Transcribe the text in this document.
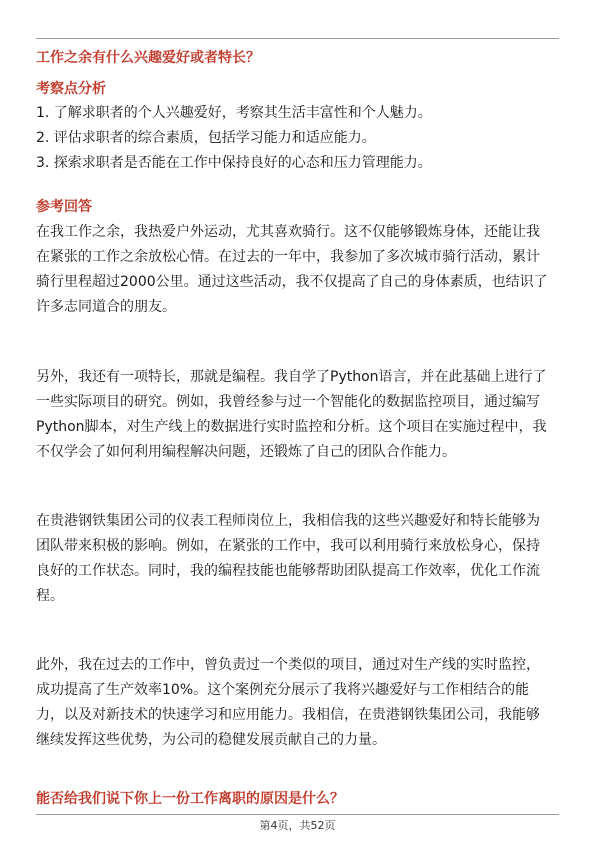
工作之余有什么兴趣爱好或者特长？
考察点分析
1. 了解求职者的个人兴趣爱好，考察其生活丰富性和个人魅力。
2. 评估求职者的综合素质，包括学习能力和适应能力。
3. 探索求职者是否能在工作中保持良好的心态和压力管理能力。
参考回答
在我工作之余，我热爱户外运动，尤其喜欢骑行。这不仅能够锻炼身体，还能让我
在紧张的工作之余放松心情。在过去的一年中，我参加了多次城市骑行活动，累计
骑行里程超过2000公里。通过这些活动，我不仅提高了自己的身体素质，也结识了
许多志同道合的朋友。
另外，我还有一项特长，那就是编程。我自学了Python语言，并在此基础上进行了
一些实际项目的研究。例如，我曾经参与过一个智能化的数据监控项目，通过编写
Python脚本，对生产线上的数据进行实时监控和分析。这个项目在实施过程中，我
不仅学会了如何利用编程解决问题，还锻炼了自己的团队合作能力。
在贵港钢铁集团公司的仪表工程师岗位上，我相信我的这些兴趣爱好和特长能够为
团队带来积极的影响。例如，在紧张的工作中，我可以利用骑行来放松身心，保持
良好的工作状态。同时，我的编程技能也能够帮助团队提高工作效率，优化工作流
程。
此外，我在过去的工作中，曾负责过一个类似的项目，通过对生产线的实时监控，
成功提高了生产效率10%。这个案例充分展示了我将兴趣爱好与工作相结合的能
力，以及对新技术的快速学习和应用能力。我相信，在贵港钢铁集团公司，我能够
继续发挥这些优势，为公司的稳健发展贡献自己的力量。
能否给我们说下你上一份工作离职的原因是什么？
第4页，共52页
